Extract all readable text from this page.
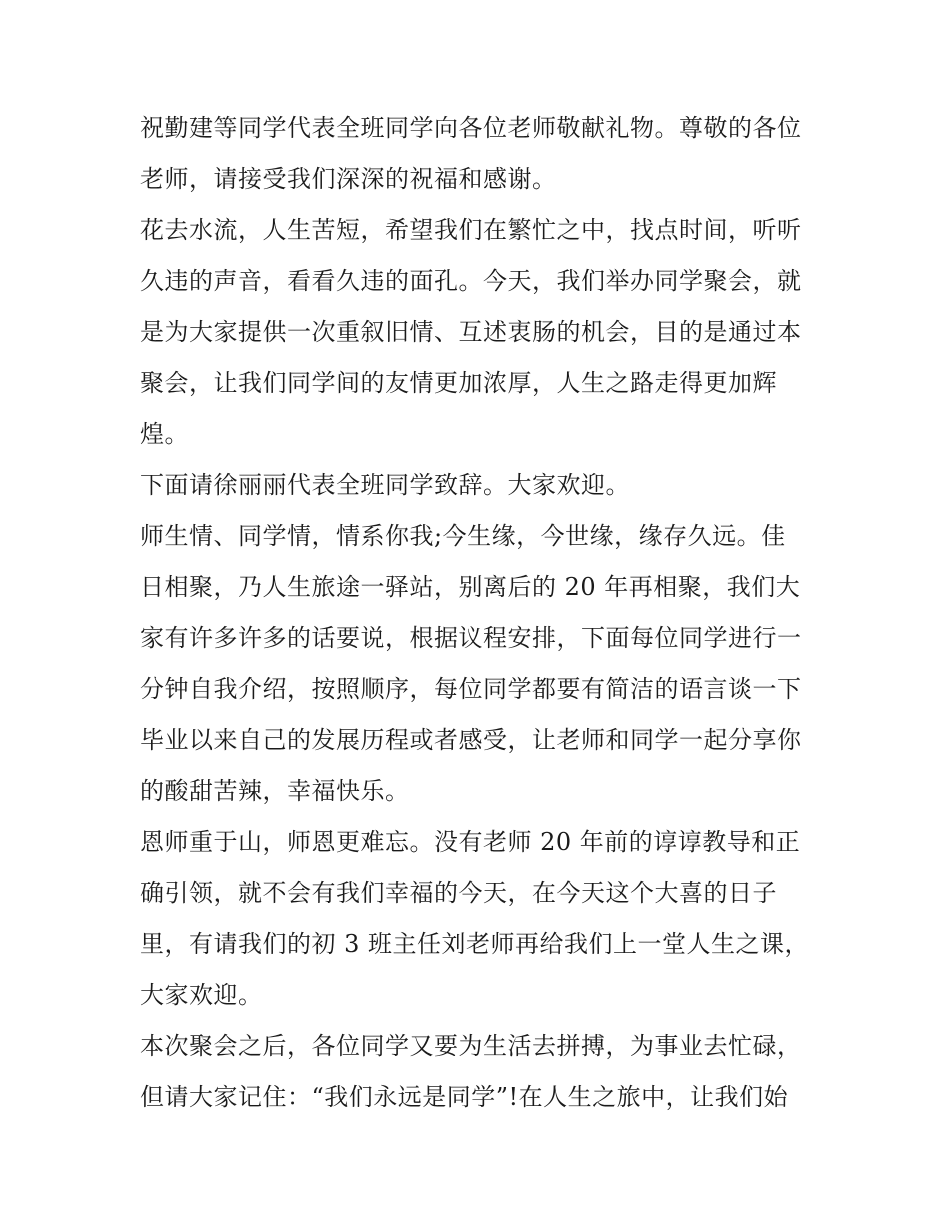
祝勤建等同学代表全班同学向各位老师敬献礼物。尊敬的各位
老师，请接受我们深深的祝福和感谢。
花去水流，人生苦短，希望我们在繁忙之中，找点时间，听听
久违的声音，看看久违的面孔。今天，我们举办同学聚会，就
是为大家提供一次重叙旧情、互述衷肠的机会，目的是通过本
聚会，让我们同学间的友情更加浓厚，人生之路走得更加辉
煌。
下面请徐丽丽代表全班同学致辞。大家欢迎。
师生情、同学情，情系你我;今生缘，今世缘，缘存久远。佳
日相聚，乃人生旅途一驿站，别离后的 20 年再相聚，我们大
家有许多许多的话要说，根据议程安排，下面每位同学进行一
分钟自我介绍，按照顺序，每位同学都要有简洁的语言谈一下
毕业以来自己的发展历程或者感受，让老师和同学一起分享你
的酸甜苦辣，幸福快乐。
恩师重于山，师恩更难忘。没有老师 20 年前的谆谆教导和正
确引领，就不会有我们幸福的今天，在今天这个大喜的日子
里，有请我们的初 3 班主任刘老师再给我们上一堂人生之课，
大家欢迎。
本次聚会之后，各位同学又要为生活去拼搏，为事业去忙碌，
但请大家记住：“我们永远是同学”!在人生之旅中，让我们始
